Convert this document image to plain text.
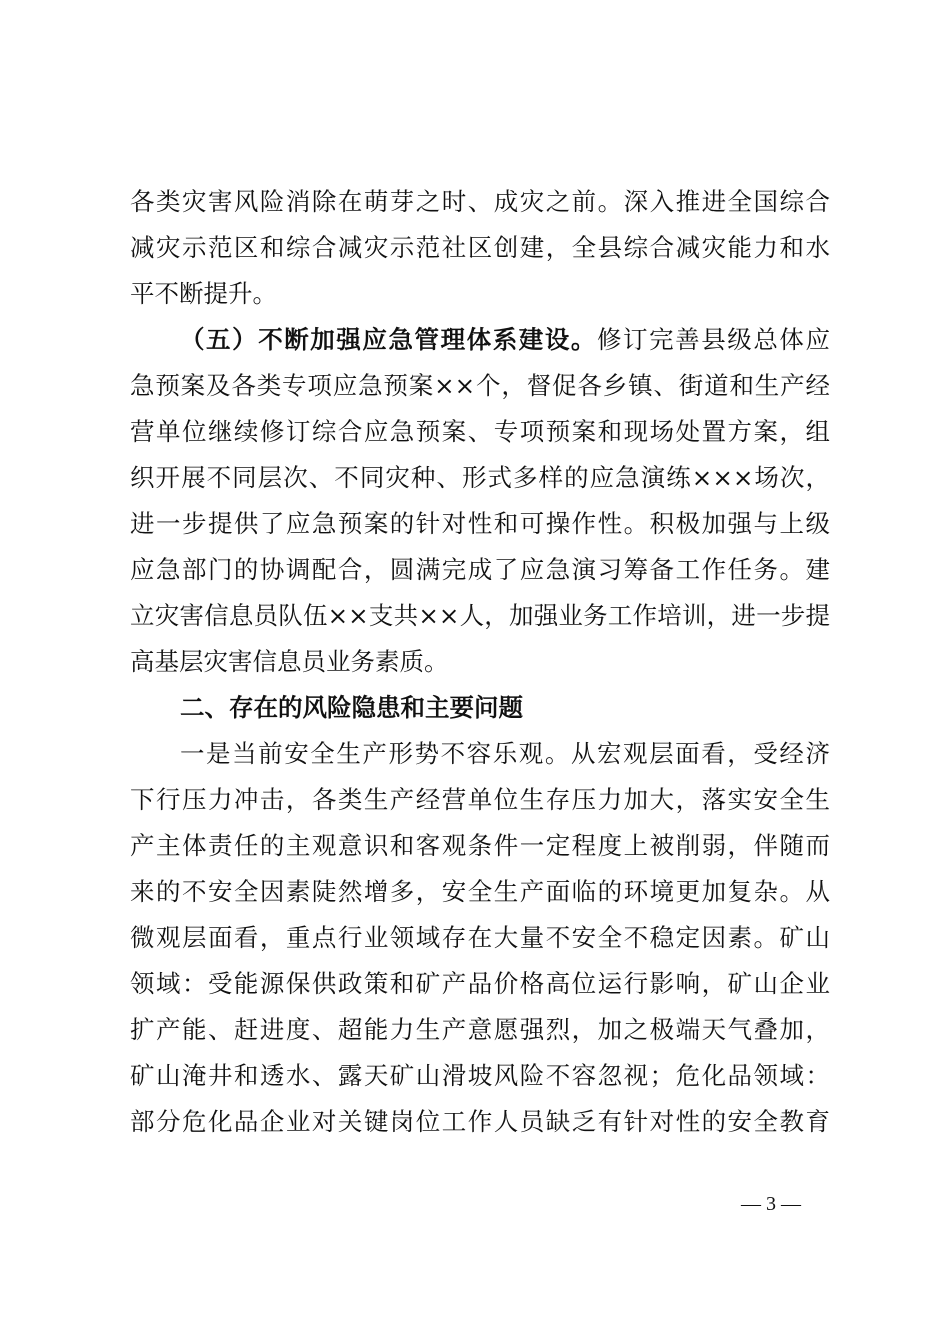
各类灾害风险消除在萌芽之时、成灾之前。深入推进全国综合
减灾示范区和综合减灾示范社区创建，全县综合减灾能力和水
平不断提升。
（五）不断加强应急管理体系建设。修订完善县级总体应
急预案及各类专项应急预案××个，督促各乡镇、街道和生产经
营单位继续修订综合应急预案、专项预案和现场处置方案，组
织开展不同层次、不同灾种、形式多样的应急演练×××场次，
进一步提供了应急预案的针对性和可操作性。积极加强与上级
应急部门的协调配合，圆满完成了应急演习筹备工作任务。建
立灾害信息员队伍××支共××人，加强业务工作培训，进一步提
高基层灾害信息员业务素质。
二、存在的风险隐患和主要问题
一是当前安全生产形势不容乐观。从宏观层面看，受经济
下行压力冲击，各类生产经营单位生存压力加大，落实安全生
产主体责任的主观意识和客观条件一定程度上被削弱，伴随而
来的不安全因素陡然增多，安全生产面临的环境更加复杂。从
微观层面看，重点行业领域存在大量不安全不稳定因素。矿山
领域：受能源保供政策和矿产品价格高位运行影响，矿山企业
扩产能、赶进度、超能力生产意愿强烈，加之极端天气叠加，
矿山淹井和透水、露天矿山滑坡风险不容忽视；危化品领域：
部分危化品企业对关键岗位工作人员缺乏有针对性的安全教育
— 3 —
